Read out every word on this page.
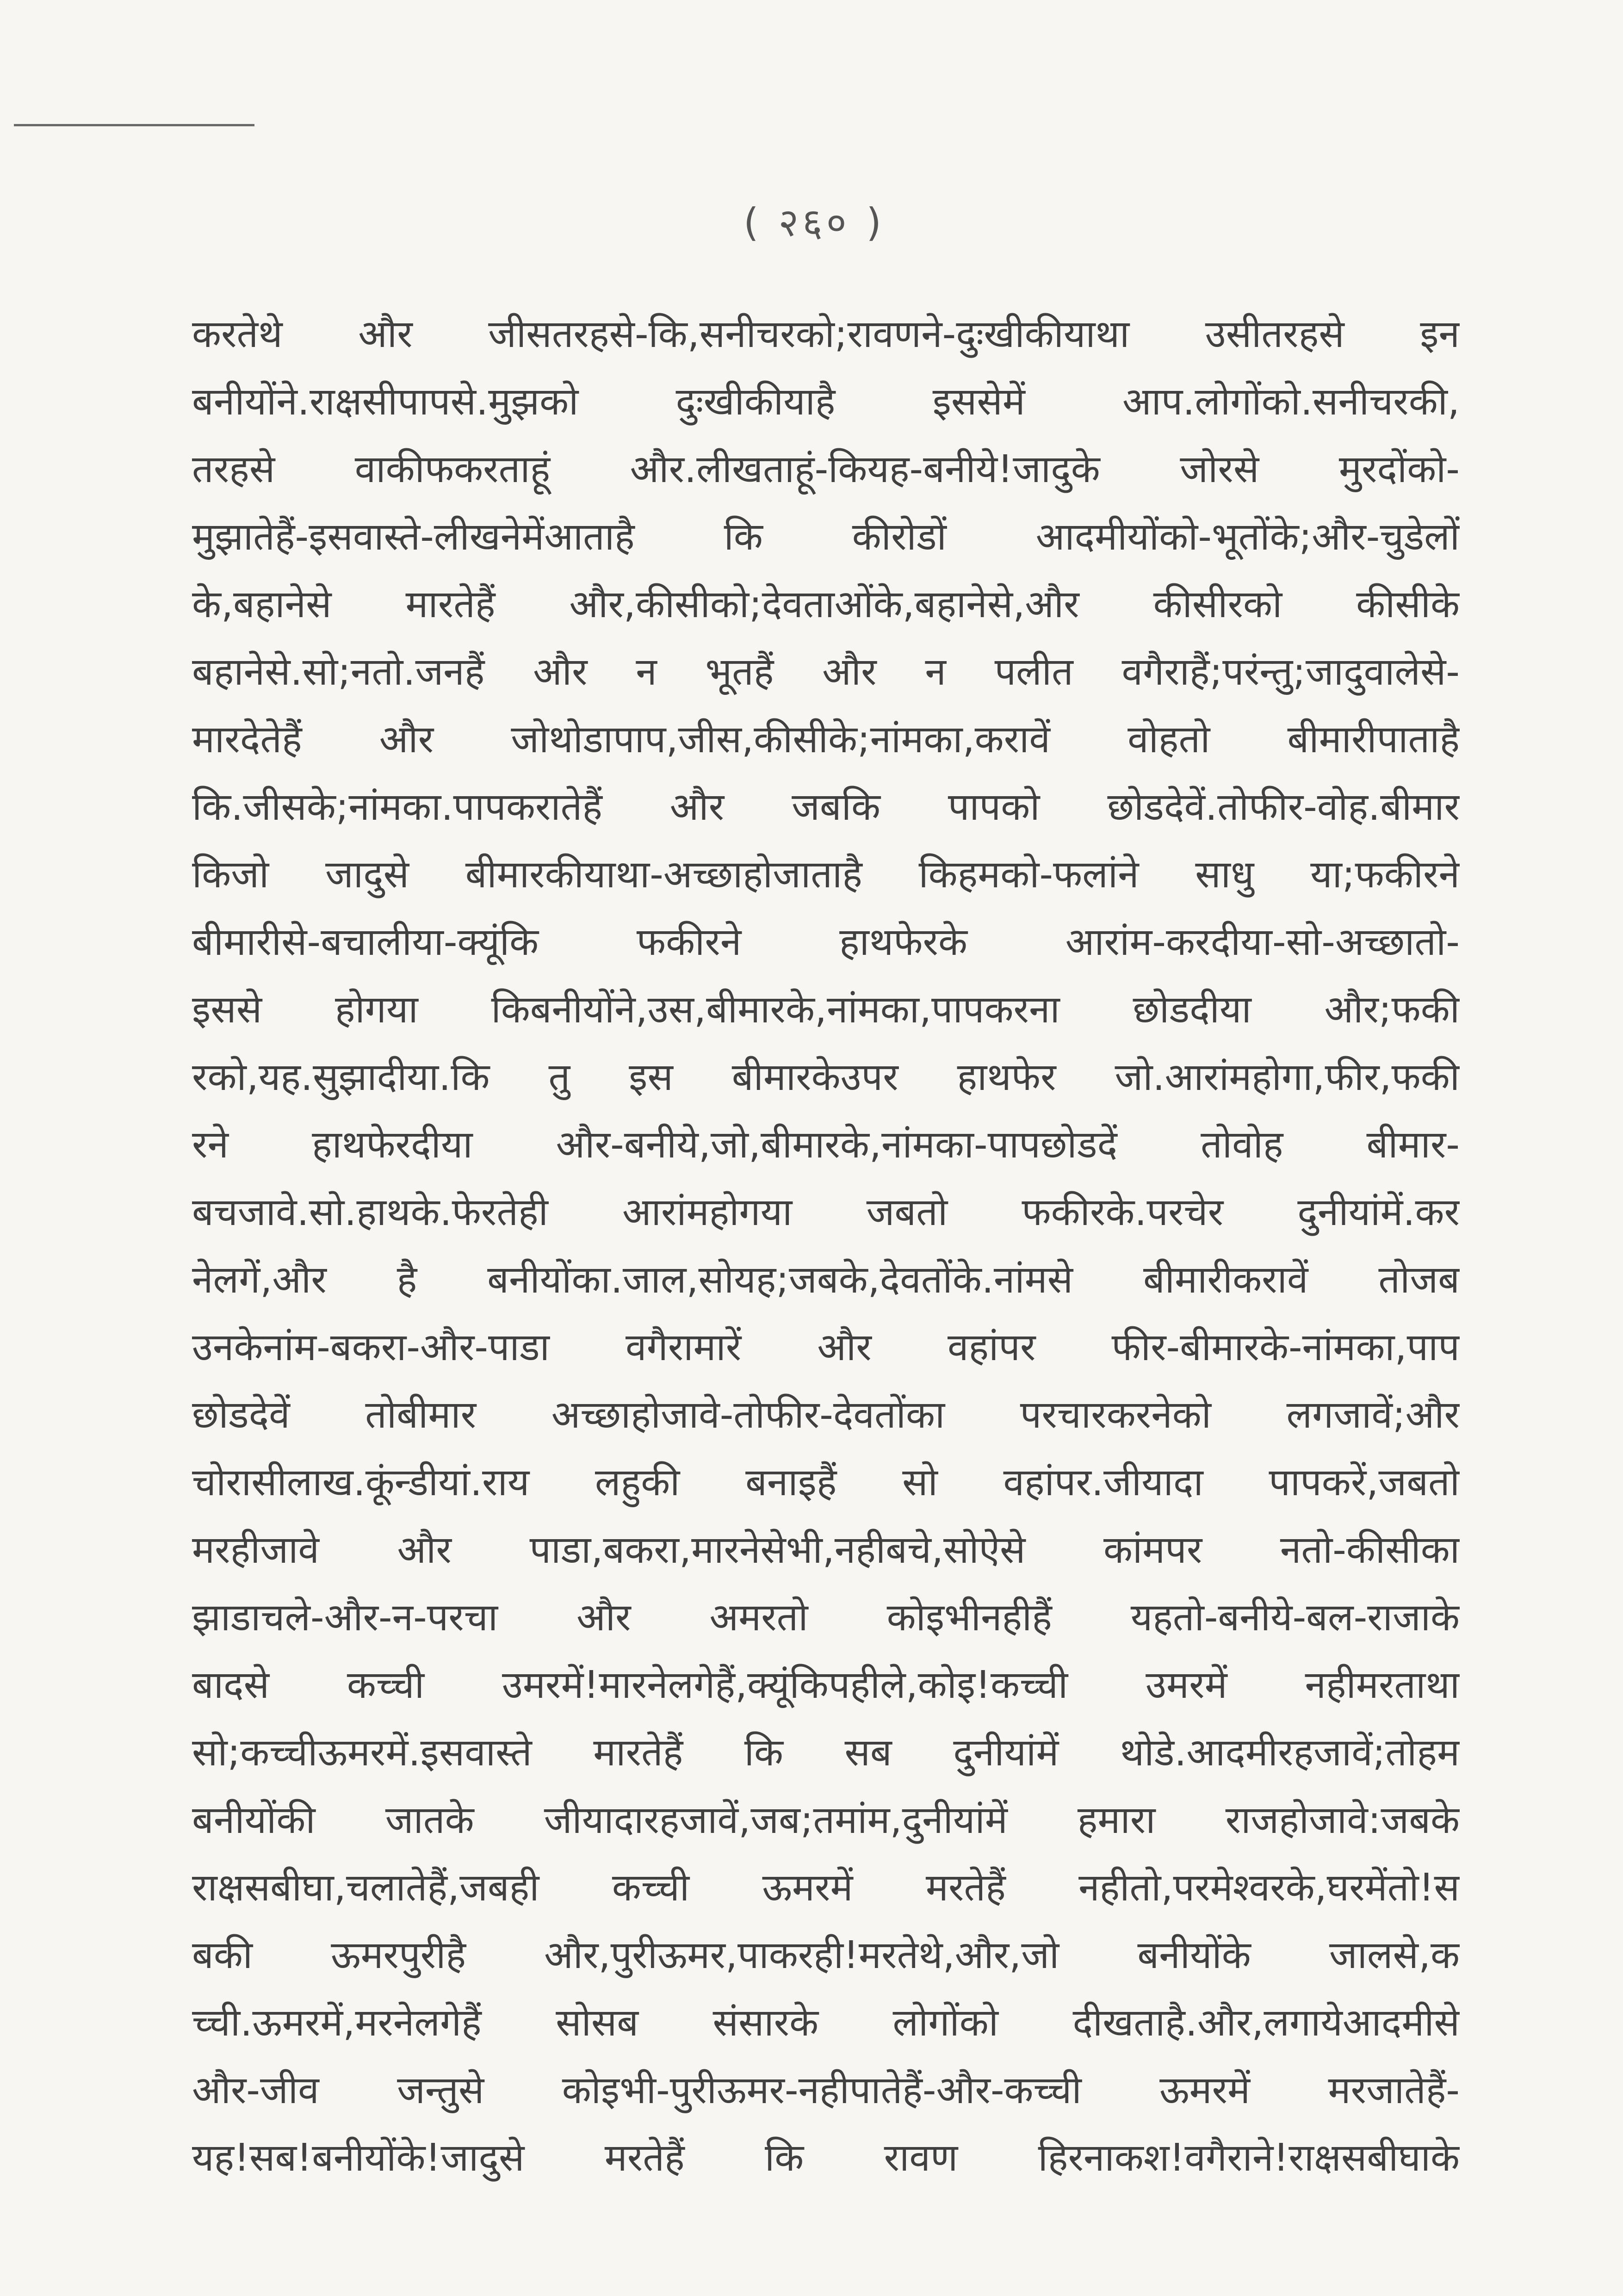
( २६० )
करतेथे और जीसतरहसे-कि,सनीचरको;रावणने-दुःखीकीयाथा उसीतरहसे इन
बनीयोंने.राक्षसीपापसे.मुझको दुःखीकीयाहै इससेमें आप.लोगोंको.सनीचरकी,
तरहसे वाकीफकरताहूं और.लीखताहूं-कियह-बनीये!जादुके जोरसे मुरदोंको-
मुझातेहैं-इसवास्ते-लीखनेमेंआताहै कि कीरोडों आदमीयोंको-भूतोंके;और-चुडेलों
के,बहानेसे मारतेहैं और,कीसीको;देवताओंके,बहानेसे,और कीसीरको कीसीके
बहानेसे.सो;नतो.जनहैं और न भूतहैं और न पलीत वगैराहैं;परंन्तु;जादुवालेसे-
मारदेतेहैं और जोथोडापाप,जीस,कीसीके;नांमका,करावें वोहतो बीमारीपाताहै
कि.जीसके;नांमका.पापकरातेहैं और जबकि पापको छोडदेवें.तोफीर-वोह.बीमार
किजो जादुसे बीमारकीयाथा-अच्छाहोजाताहै किहमको-फलांने साधु या;फकीरने
बीमारीसे-बचालीया-क्यूंकि फकीरने हाथफेरके आरांम-करदीया-सो-अच्छातो-
इससे होगया किबनीयोंने,उस,बीमारके,नांमका,पापकरना छोडदीया और;फकी
रको,यह.सुझादीया.कि तु इस बीमारकेउपर हाथफेर जो.आरांमहोगा,फीर,फकी
रने हाथफेरदीया और-बनीये,जो,बीमारके,नांमका-पापछोडदें तोवोह बीमार-
बचजावे.सो.हाथके.फेरतेही आरांमहोगया जबतो फकीरके.परचेर दुनीयांमें.कर
नेलगें,और है बनीयोंका.जाल,सोयह;जबके,देवतोंके.नांमसे बीमारीकरावें तोजब
उनकेनांम-बकरा-और-पाडा वगैरामारें और वहांपर फीर-बीमारके-नांमका,पाप
छोडदेवें तोबीमार अच्छाहोजावे-तोफीर-देवतोंका परचारकरनेको लगजावें;और
चोरासीलाख.कूंन्डीयां.राय लहुकी बनाइहैं सो वहांपर.जीयादा पापकरें,जबतो
मरहीजावे और पाडा,बकरा,मारनेसेभी,नहीबचे,सोऐसे कांमपर नतो-कीसीका
झाडाचले-और-न-परचा और अमरतो कोइभीनहीहैं यहतो-बनीये-बल-राजाके
बादसे कच्ची उमरमें!मारनेलगेहैं,क्यूंकिपहीले,कोइ!कच्ची उमरमें नहीमरताथा
सो;कच्चीऊमरमें.इसवास्ते मारतेहैं कि सब दुनीयांमें थोडे.आदमीरहजावें;तोहम
बनीयोंकी जातके जीयादारहजावें,जब;तमांम,दुनीयांमें हमारा राजहोजावे:जबके
राक्षसबीघा,चलातेहैं,जबही कच्ची ऊमरमें मरतेहैं नहीतो,परमेश्वरके,घरमेंतो!स
बकी ऊमरपुरीहै और,पुरीऊमर,पाकरही!मरतेथे,और,जो बनीयोंके जालसे,क
च्ची.ऊमरमें,मरनेलगेहैं सोसब संसारके लोगोंको दीखताहै.और,लगायेआदमीसे
और-जीव जन्तुसे कोइभी-पुरीऊमर-नहीपातेहैं-और-कच्ची ऊमरमें मरजातेहैं-
यह!सब!बनीयोंके!जादुसे मरतेहैं कि रावण हिरनाकश!वगैराने!राक्षसबीघाके
